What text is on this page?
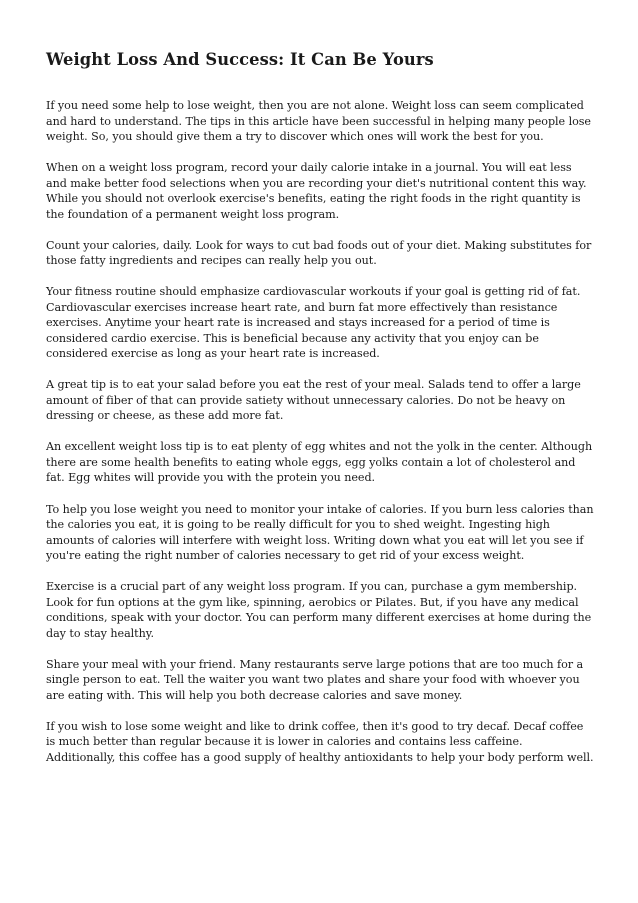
Weight Loss And Success: It Can Be Yours

If you need some help to lose weight, then you are not alone. Weight loss can seem complicated and hard to understand. The tips in this article have been successful in helping many people lose weight. So, you should give them a try to discover which ones will work the best for you.

When on a weight loss program, record your daily calorie intake in a journal. You will eat less and make better food selections when you are recording your diet's nutritional content this way. While you should not overlook exercise's benefits, eating the right foods in the right quantity is the foundation of a permanent weight loss program.

Count your calories, daily. Look for ways to cut bad foods out of your diet. Making substitutes for those fatty ingredients and recipes can really help you out.

Your fitness routine should emphasize cardiovascular workouts if your goal is getting rid of fat. Cardiovascular exercises increase heart rate, and burn fat more effectively than resistance exercises. Anytime your heart rate is increased and stays increased for a period of time is considered cardio exercise. This is beneficial because any activity that you enjoy can be considered exercise as long as your heart rate is increased.

A great tip is to eat your salad before you eat the rest of your meal. Salads tend to offer a large amount of fiber of that can provide satiety without unnecessary calories. Do not be heavy on dressing or cheese, as these add more fat.

An excellent weight loss tip is to eat plenty of egg whites and not the yolk in the center. Although there are some health benefits to eating whole eggs, egg yolks contain a lot of cholesterol and fat. Egg whites will provide you with the protein you need.

To help you lose weight you need to monitor your intake of calories. If you burn less calories than the calories you eat, it is going to be really difficult for you to shed weight. Ingesting high amounts of calories will interfere with weight loss. Writing down what you eat will let you see if you're eating the right number of calories necessary to get rid of your excess weight.

Exercise is a crucial part of any weight loss program. If you can, purchase a gym membership. Look for fun options at the gym like, spinning, aerobics or Pilates. But, if you have any medical conditions, speak with your doctor. You can perform many different exercises at home during the day to stay healthy.

Share your meal with your friend. Many restaurants serve large potions that are too much for a single person to eat. Tell the waiter you want two plates and share your food with whoever you are eating with. This will help you both decrease calories and save money.

If you wish to lose some weight and like to drink coffee, then it's good to try decaf. Decaf coffee is much better than regular because it is lower in calories and contains less caffeine. Additionally, this coffee has a good supply of healthy antioxidants to help your body perform well.
